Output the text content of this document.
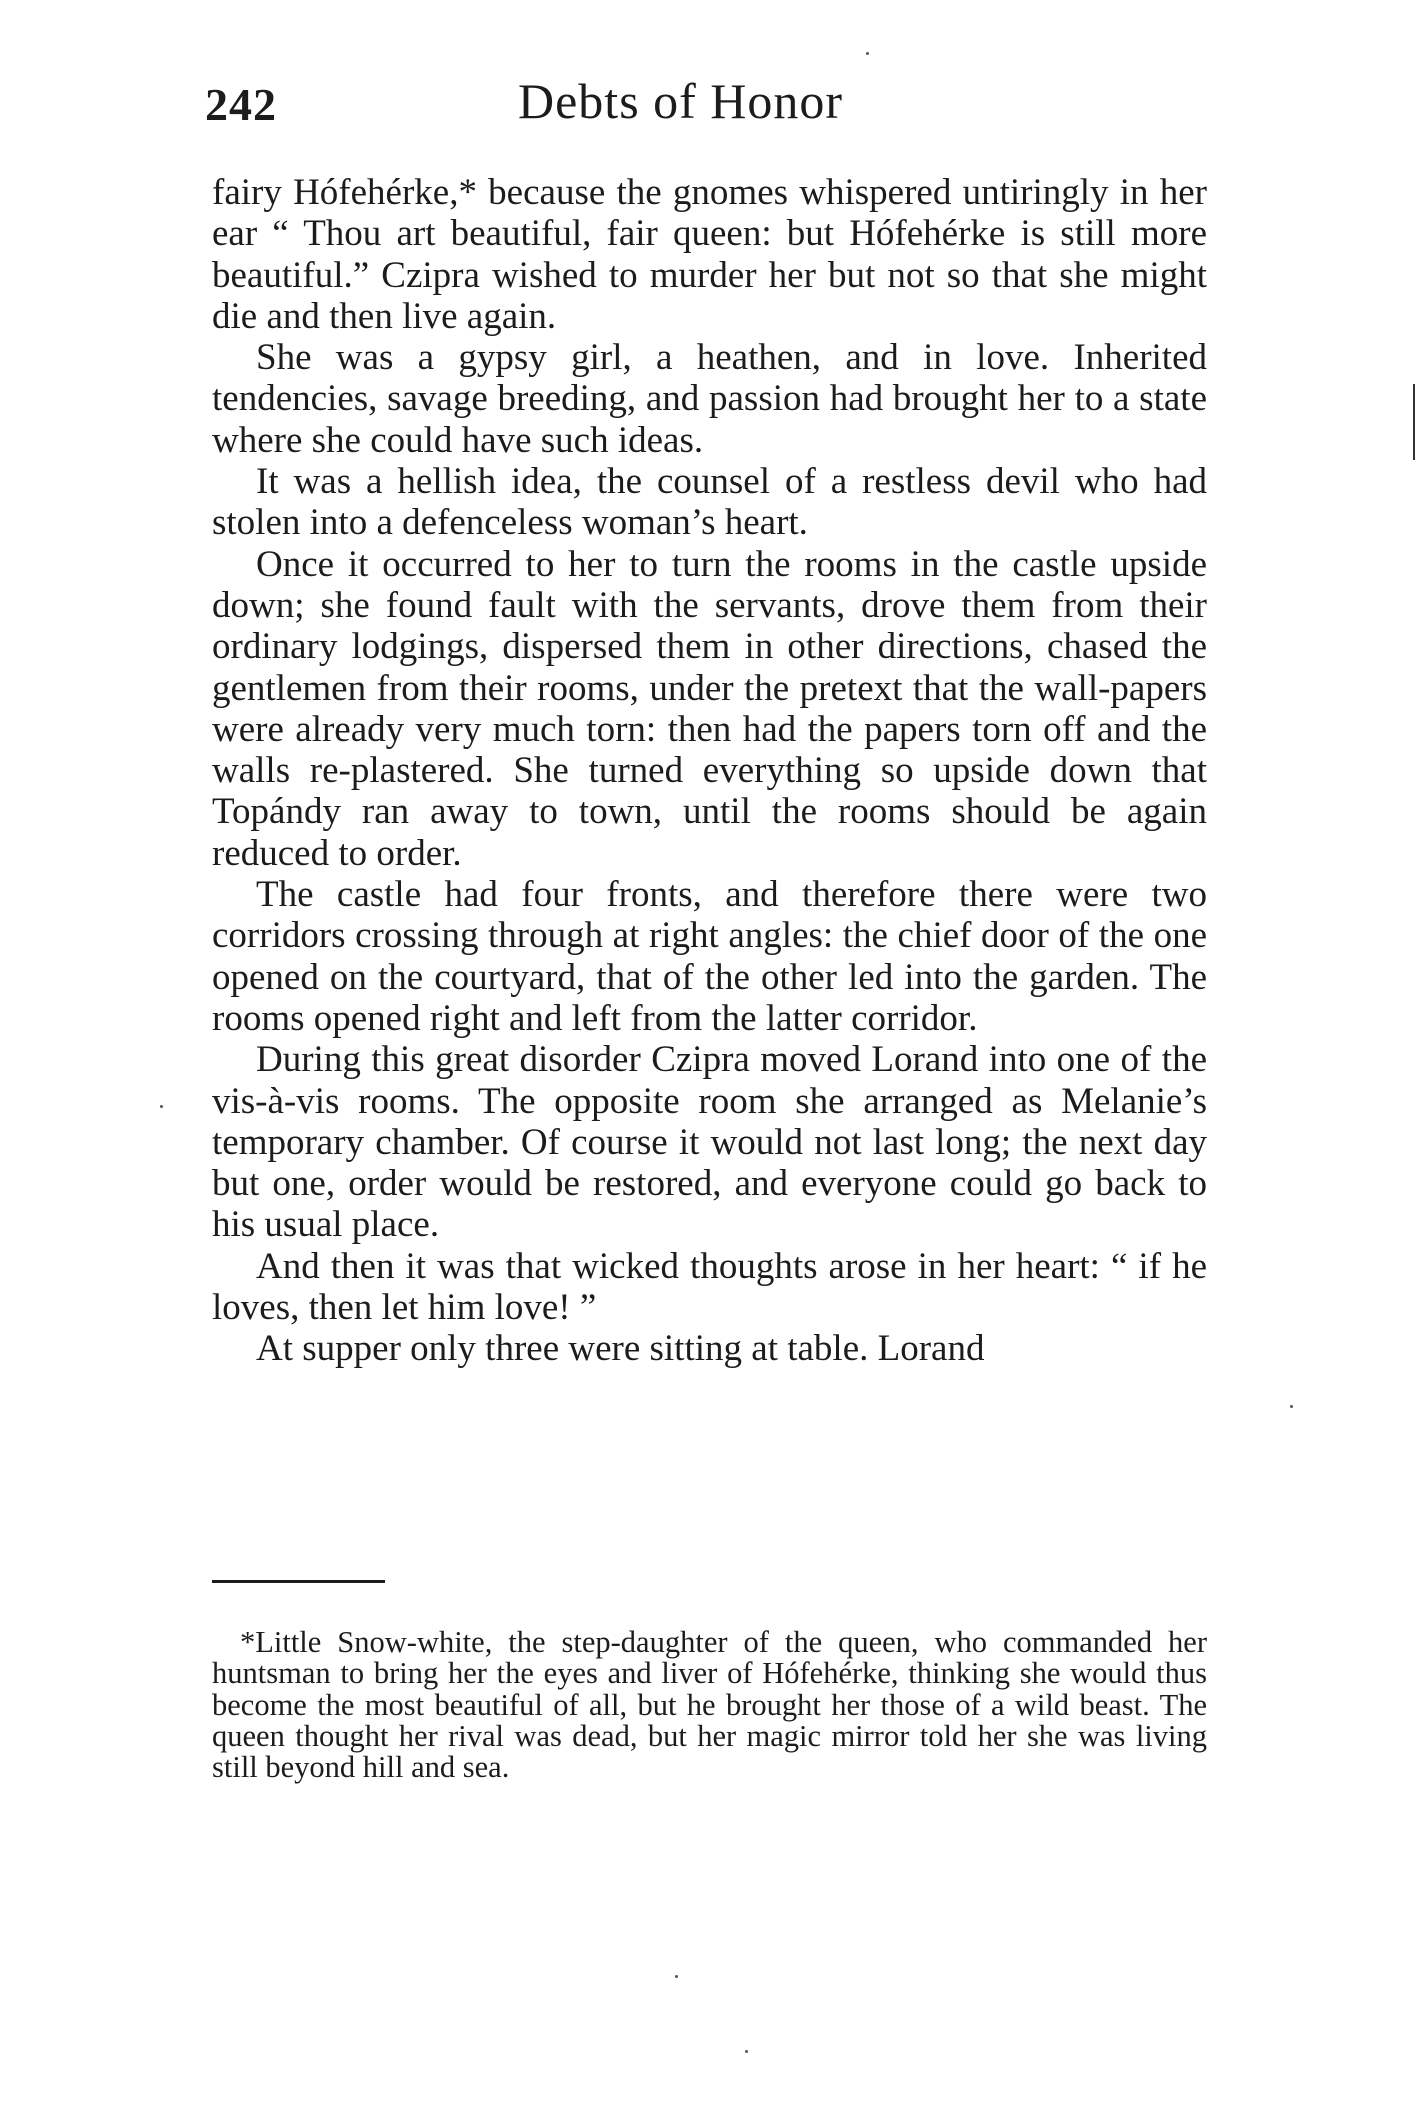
242	Debts of Honor

fairy Hófehérke,* because the gnomes whispered untiringly in her ear “ Thou art beautiful, fair queen: but Hófehérke is still more beautiful.” Czipra wished to murder her but not so that she might die and then live again.

She was a gypsy girl, a heathen, and in love. Inherited tendencies, savage breeding, and passion had brought her to a state where she could have such ideas.

It was a hellish idea, the counsel of a restless devil who had stolen into a defenceless woman’s heart.

Once it occurred to her to turn the rooms in the castle upside down; she found fault with the servants, drove them from their ordinary lodgings, dispersed them in other directions, chased the gentlemen from their rooms, under the pretext that the wall-papers were already very much torn: then had the papers torn off and the walls re-plastered. She turned everything so upside down that Topándy ran away to town, until the rooms should be again reduced to order.

The castle had four fronts, and therefore there were two corridors crossing through at right angles: the chief door of the one opened on the courtyard, that of the other led into the garden. The rooms opened right and left from the latter corridor.

During this great disorder Czipra moved Lorand into one of the vis-à-vis rooms. The opposite room she arranged as Melanie’s temporary chamber. Of course it would not last long; the next day but one, order would be restored, and everyone could go back to his usual place.

And then it was that wicked thoughts arose in her heart: “ if he loves, then let him love! ”

At supper only three were sitting at table. Lorand

*Little Snow-white, the step-daughter of the queen, who commanded her huntsman to bring her the eyes and liver of Hófehérke, thinking she would thus become the most beautiful of all, but he brought her those of a wild beast. The queen thought her rival was dead, but her magic mirror told her she was living still beyond hill and sea.
